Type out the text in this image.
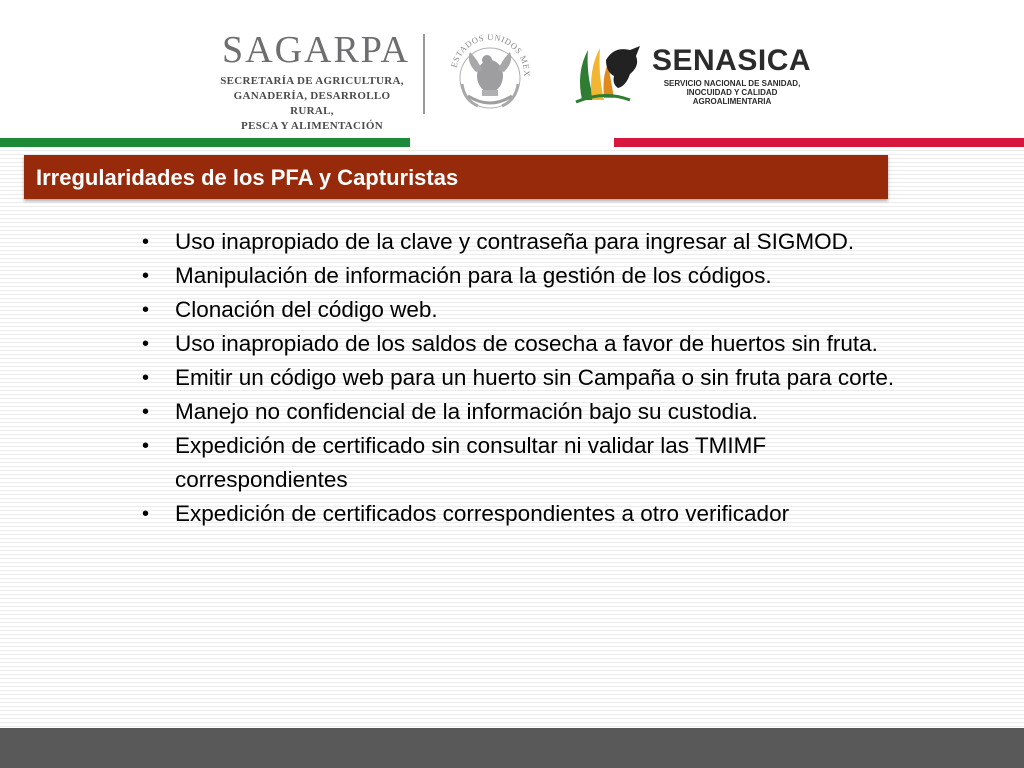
SAGARPA
SECRETARÍA DE AGRICULTURA,
GANADERÍA, DESARROLLO RURAL,
PESCA Y ALIMENTACIÓN
ESTADOS UNIDOS MEX	SENASICA
SERVICIO NACIONAL DE SANIDAD,
INOCUIDAD Y CALIDAD
AGROALIMENTARIA
Irregularidades de los PFA y Capturistas
• Uso inapropiado de la clave y contraseña para ingresar al SIGMOD.
• Manipulación de información para la gestión de los códigos.
• Clonación del código web.
• Uso inapropiado de los saldos de cosecha a favor de huertos sin fruta.
• Emitir un código web para un huerto sin Campaña o sin fruta para corte.
• Manejo no confidencial de la información bajo su custodia.
• Expedición de certificado sin consultar ni validar las TMIMF correspondientes
• Expedición de certificados correspondientes a otro verificador
